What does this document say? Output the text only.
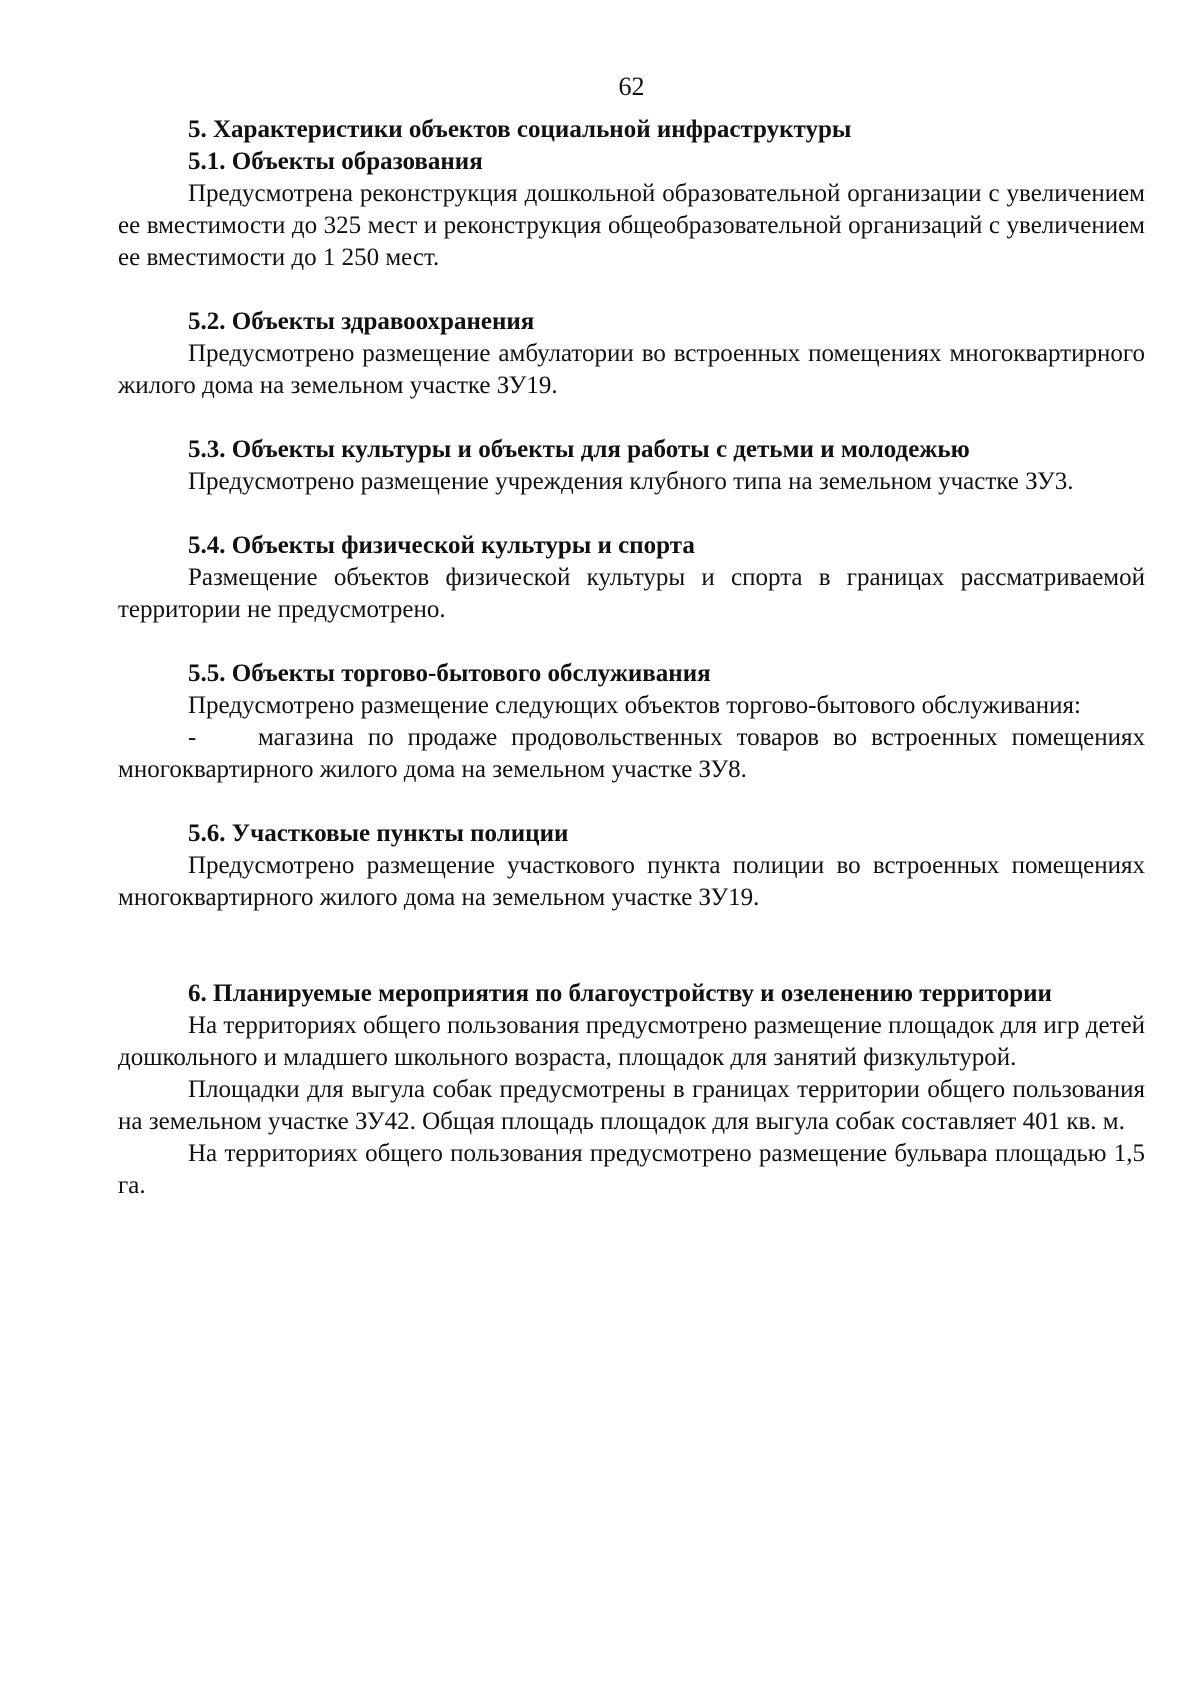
62

5. Характеристики объектов социальной инфраструктуры

5.1. Объекты образования

Предусмотрена реконструкция дошкольной образовательной организации с увеличением ее вместимости до 325 мест и реконструкция общеобразовательной организаций с увеличением ее вместимости до 1 250 мест.

5.2. Объекты здравоохранения

Предусмотрено размещение амбулатории во встроенных помещениях многоквартирного жилого дома на земельном участке ЗУ19.

5.3. Объекты культуры и объекты для работы с детьми и молодежью

Предусмотрено размещение учреждения клубного типа на земельном участке ЗУ3.

5.4. Объекты физической культуры и спорта

Размещение объектов физической культуры и спорта в границах рассматриваемой территории не предусмотрено.

5.5. Объекты торгово-бытового обслуживания

Предусмотрено размещение следующих объектов торгово-бытового обслуживания:

- магазина по продаже продовольственных товаров во встроенных помещениях многоквартирного жилого дома на земельном участке ЗУ8.

5.6. Участковые пункты полиции

Предусмотрено размещение участкового пункта полиции во встроенных помещениях многоквартирного жилого дома на земельном участке ЗУ19.

6. Планируемые мероприятия по благоустройству и озеленению территории

На территориях общего пользования предусмотрено размещение площадок для игр детей дошкольного и младшего школьного возраста, площадок для занятий физкультурой.

Площадки для выгула собак предусмотрены в границах территории общего пользования на земельном участке ЗУ42. Общая площадь площадок для выгула собак составляет 401 кв. м.

На территориях общего пользования предусмотрено размещение бульвара площадью 1,5 га.
